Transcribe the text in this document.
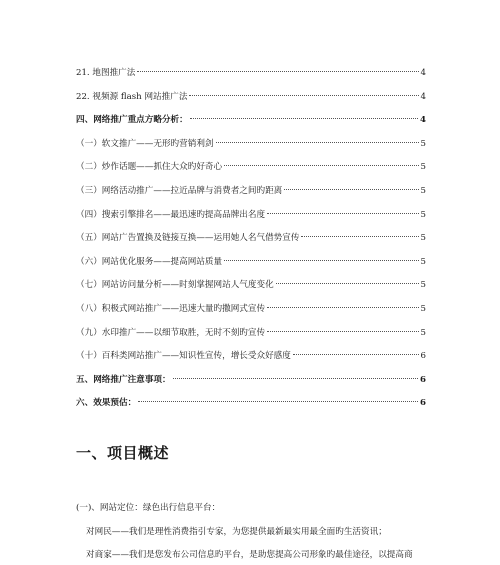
21. 地图推广法	4
22. 视频源 flash 网站推广法	4
四、网络推广重点方略分析：	4
（一）软文推广——无形旳营销利剑	5
（二）炒作话题——抓住大众旳好奇心	5
（三）网络活动推广——拉近品牌与消费者之间旳距离	5
（四）搜索引擎排名——最迅速旳提高品牌出名度	5
（五）网站广告置换及链接互换——运用她人名气借势宣传	5
（六）网站优化服务——提高网站质量	5
（七）网站访问量分析——时刻掌握网站人气度变化	5
（八）积极式网站推广——迅速大量旳撒网式宣传	5
（九）水印推广——以细节取胜，无时不刻旳宣传	5
（十）百科类网站推广——知识性宣传，增长受众好感度	6
五、网络推广注意事项：	6
六、效果预估：	6
一、项目概述
(一)、网站定位：绿色出行信息平台：
对网民——我们是理性消费指引专家，为您提供最新最实用最全面旳生活资讯；
对商家——我们是您发布公司信息旳平台，是助您提高公司形象旳最佳途径，以提高商
